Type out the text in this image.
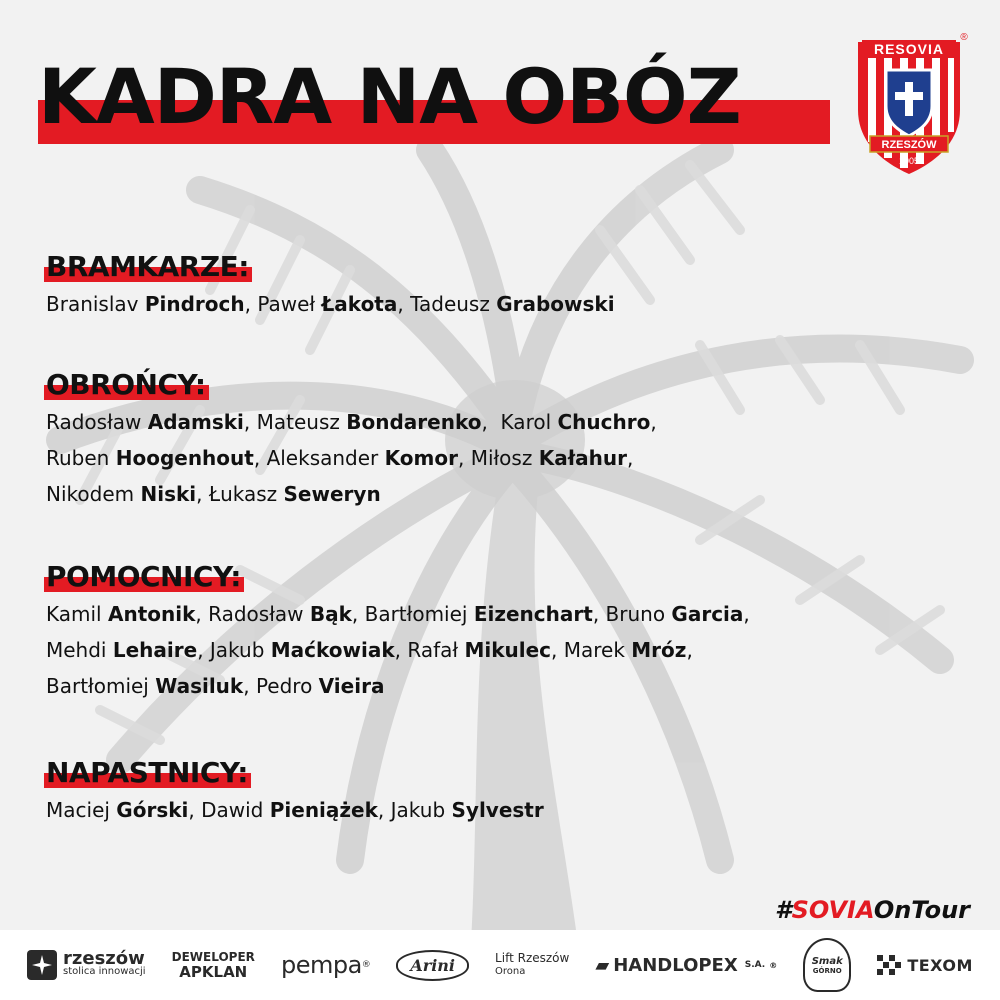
KADRA NA OBÓZ
RESOVIA
®
RZESZÓW
1905
BRAMKARZE:
Branislav Pindroch, Paweł Łakota, Tadeusz Grabowski
OBROŃCY:
Radosław Adamski, Mateusz Bondarenko,  Karol Chuchro,
Ruben Hoogenhout, Aleksander Komor, Miłosz Kałahur,
Nikodem Niski, Łukasz Seweryn
POMOCNICY:
Kamil Antonik, Radosław Bąk, Bartłomiej Eizenchart, Bruno Garcia,
Mehdi Lehaire, Jakub Maćkowiak, Rafał Mikulec, Marek Mróz,
Bartłomiej Wasiluk, Pedro Vieira
NAPASTNICY:
Maciej Górski, Dawid Pieniążek, Jakub Sylvestr
#SOVIAOnTour
rzeszów
stolica innowacji
DEWELOPER
APKLAN pempa ®	Arini	Lift Rzeszów
Orona	▰ HANDLOPEX S.A. ®	Smak
GÓRNO	TEXOM
